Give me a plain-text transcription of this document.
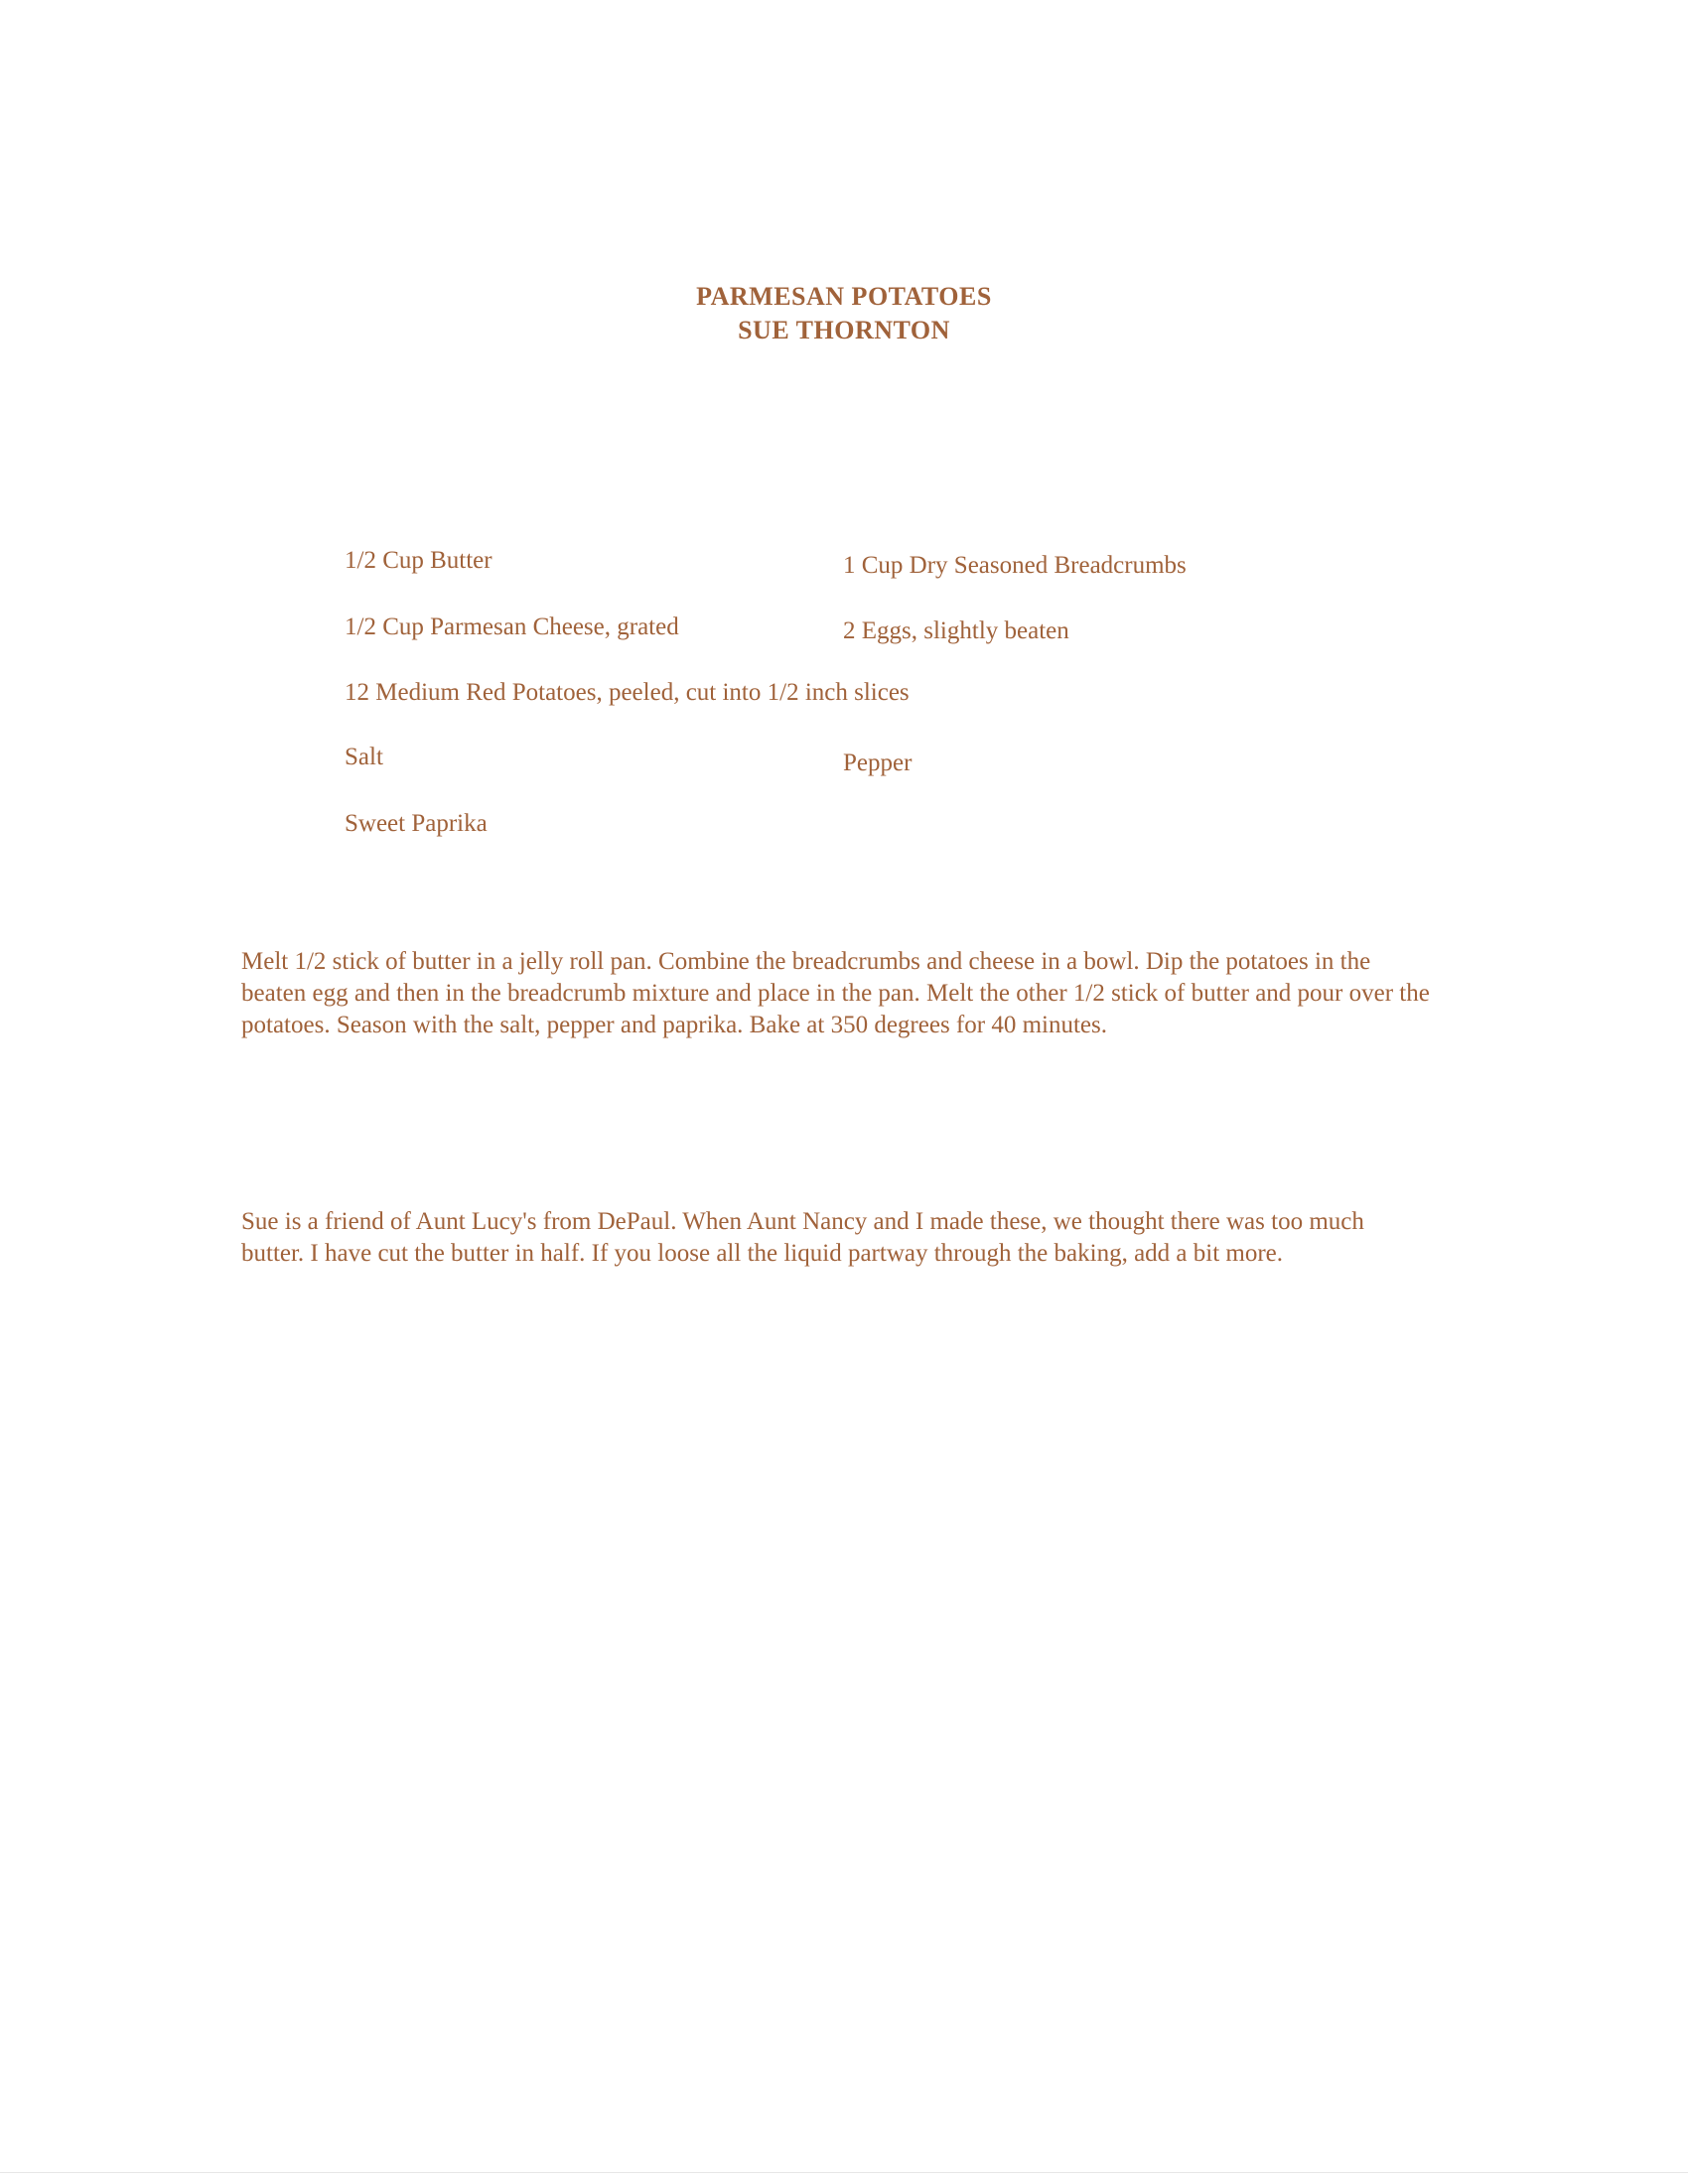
PARMESAN POTATOES
SUE THORNTON
1/2 Cup Butter	1 Cup Dry Seasoned Breadcrumbs
1/2 Cup Parmesan Cheese, grated	2 Eggs, slightly beaten
12 Medium Red Potatoes, peeled, cut into 1/2 inch slices
Salt	Pepper
Sweet Paprika
Melt 1/2 stick of butter in a jelly roll pan. Combine the breadcrumbs and cheese in a bowl. Dip the potatoes in the beaten egg and then in the breadcrumb mixture and place in the pan. Melt the other 1/2 stick of butter and pour over the potatoes. Season with the salt, pepper and paprika. Bake at 350 degrees for 40 minutes.
Sue is a friend of Aunt Lucy's from DePaul. When Aunt Nancy and I made these, we thought there was too much butter. I have cut the butter in half. If you loose all the liquid partway through the baking, add a bit more.
